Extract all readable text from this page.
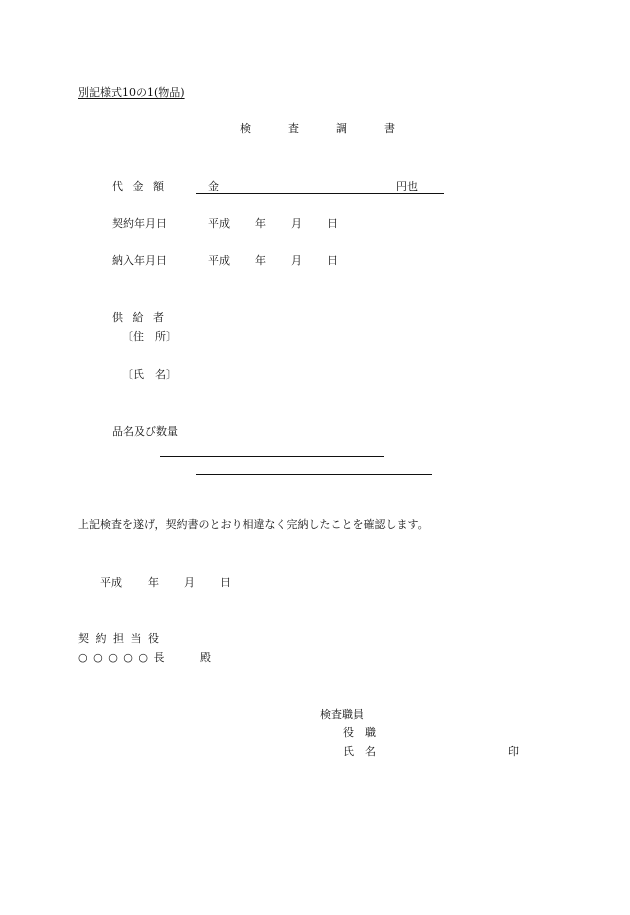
別記様式10の1(物品)
検	査	調	書
代 金 額	金	円也
契約年月日	平成 年 月 日
納入年月日	平成 年 月 日
供 給 者
〔住　所〕
〔氏　名〕
品名及び数量
上記検査を遂げ，契約書のとおり相違なく完納したことを確認します。
平成 年 月 日
契 約 担 当 役
○ ○ ○ ○ ○ 長	殿
検査職員
役　職
氏　名	印
